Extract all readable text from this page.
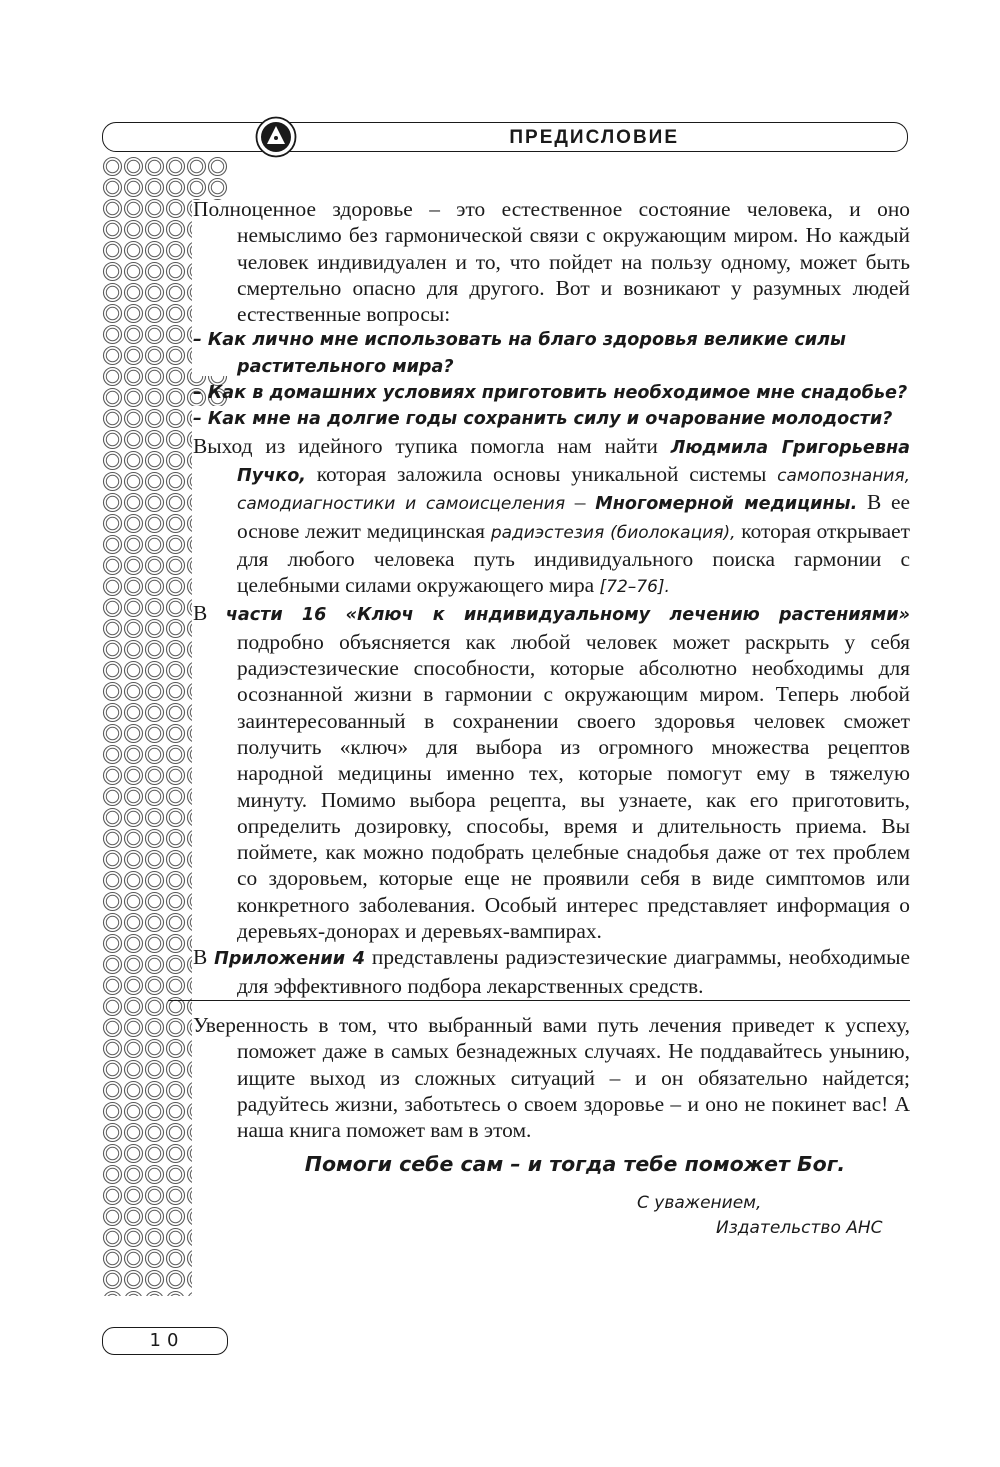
ПРЕДИСЛОВИЕ

Полноценное здоровье – это естественное состояние человека, и оно немыслимо без гармонической связи с окружающим миром. Но каждый человек индивидуален и то, что пойдет на пользу одному, может быть смертельно опасно для другого. Вот и возникают у разумных людей естественные вопросы:

– Как лично мне использовать на благо здоровья великие силы растительного мира?

– Как в домашних условиях приготовить необходимое мне снадобье?

– Как мне на долгие годы сохранить силу и очарование молодости?

Выход из идейного тупика помогла нам найти Людмила Григорьевна Пучко, которая заложила основы уникальной системы самопознания, самодиагностики и самоисцеления – Многомерной медицины. В ее основе лежит медицинская радиэстезия (биолокация), которая открывает для любого человека путь индивидуального поиска гармонии с целебными силами окружающего мира [72–76].

В части 16 «Ключ к индивидуальному лечению растениями» подробно объясняется как любой человек может раскрыть у себя радиэстезические способности, которые абсолютно необходимы для осознанной жизни в гармонии с окружающим миром. Теперь любой заинтересованный в сохранении своего здоровья человек сможет получить «ключ» для выбора из огромного множества рецептов народной медицины именно тех, которые помогут ему в тяжелую минуту. Помимо выбора рецепта, вы узнаете, как его приготовить, определить дозировку, способы, время и длительность приема. Вы поймете, как можно подобрать целебные снадобья даже от тех проблем со здоровьем, которые еще не проявили себя в виде симптомов или конкретного заболевания. Особый интерес представляет информация о деревьях-донорах и деревьях-вампирах.

В Приложении 4 представлены радиэстезические диаграммы, необходимые для эффективного подбора лекарственных средств.

Уверенность в том, что выбранный вами путь лечения приведет к успеху, поможет даже в самых безнадежных случаях. Не поддавайтесь унынию, ищите выход из сложных ситуаций – и он обязательно найдется; радуйтесь жизни, заботьтесь о своем здоровье – и оно не покинет вас! А наша книга поможет вам в этом.

Помоги себе сам – и тогда тебе поможет Бог.
С уважением,
Издательство АНС
10
